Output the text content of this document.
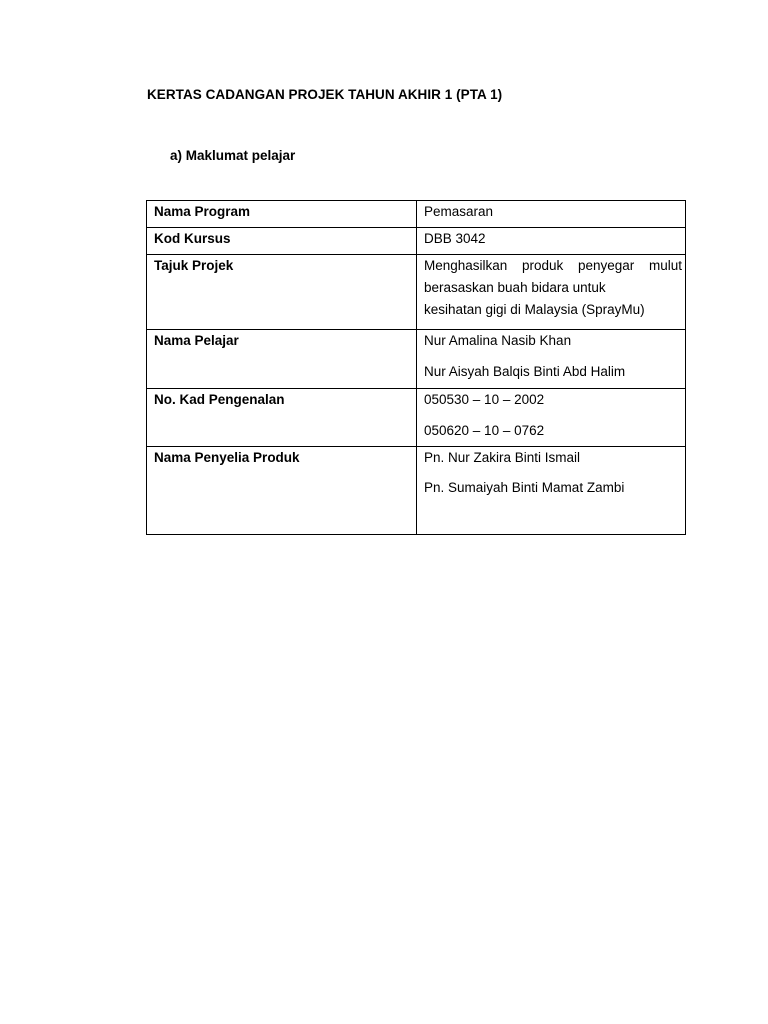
KERTAS CADANGAN PROJEK TAHUN AKHIR 1 (PTA 1)

a) Maklumat pelajar

Nama Program	Pemasaran

Kod Kursus	DBB 3042

Tajuk Projek	Menghasilkan produk penyegar mulut
berasaskan buah bidara untuk
kesihatan gigi di Malaysia (SprayMu)

Nama Pelajar	Nur Amalina Nasib Khan
Nur Aisyah Balqis Binti Abd Halim

No. Kad Pengenalan	050530 – 10 – 2002
050620 – 10 – 0762

Nama Penyelia Produk	Pn. Nur Zakira Binti Ismail
Pn. Sumaiyah Binti Mamat Zambi
